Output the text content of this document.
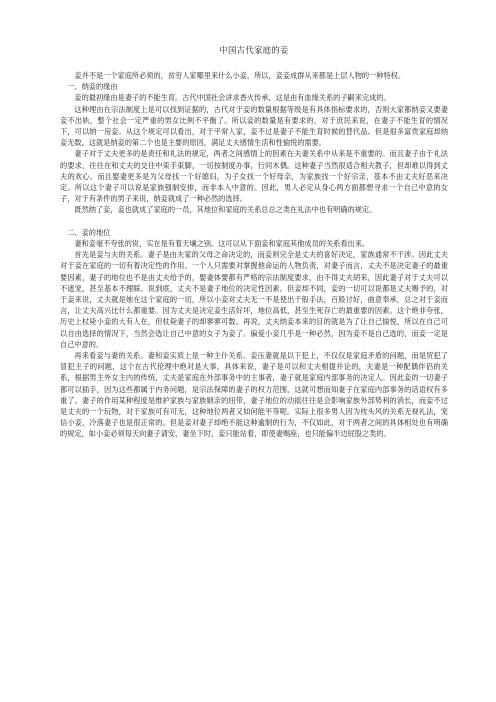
中国古代家庭的妾

妾并不是一个家庭所必须的，贫穷人家哪里来什么小妾，所以，妾妾成群从来都是上层人物的一种特权。

一、纳妾的缘由

妾的最初缘由是妻子的不能生育。古代中国社会讲求香火传承，这是由有血缘关系的子嗣来完成的。

这种理由在宗法制度上是可以找到证据的，古代对于妾的数量根据等级是有具体指标要求的，否则大家都纳妾又要妻妾不出轨，整个社会一定严重的男女比例不平衡了。所以妾的数量是有要求的，对于庶民来说，在妻子不能生育的情况下，可以纳一房妾。从这个规定可以看出，对于平常人家，妾不过是妻子不能生育时候的替代品。但是很多富贵家庭却纳妾无数，这就是纳妾的第二个也是主要的原因，满足丈夫感情生活和性愉悦的需要。

妻子对于丈夫更多的是责任和礼法的规定，两者之间感情上的因素在夫妻关系中从来是不重要的。而且妻子由于礼法的要求，往往在和丈夫的交往中束手束脚，一切按制度办事，行同木偶。这种妻子当然很适合相夫教子，但却难以得到丈夫的欢心。而且娶妻更多是为父母找一个好媳妇，为子女找一个好母亲，为家族找一个好宗亲，基本不由丈夫好恶来决定。所以这个妻子可以说是家族强制安排，而非本人中意的。因此，男人必定从身心两方面都想寻求一个自己中意的女子，对于有条件的男子来说，纳妾就成了一种必然的选择。

既然纳了妾，妾也就成了家庭的一员，其地位和家庭的关系总总之类在礼法中也有明确的规定。

二、妾的地位

妻和妾毫不夸张的说，实在是有着天壤之别。这可以从下面妾和家庭其他成员的关系看出来。

首先是妾与夫的关系。妻子是由夫家的父母之命决定的，而妾则完全是丈夫的喜好决定，家族通常不干涉。因此丈夫对于妾在家庭的一切有着决定性的作用。一个人只需要对掌握他命运的人物负责，对妻子而言，丈夫不是决定妻子的最重要因素，妻子的地位也不是由丈夫给予的，娶妻体要都有严格的宗法制度要求，由不得丈夫胡来，因此妻子对于丈夫可以不遮宠，甚至基本不理睬。说到底，丈夫不是妻子地位的决定性因素。但妾却不同，妾的一切可以说都是丈夫赐予的，对于妾来说，丈夫就是她在这个家庭的一切，所以小妾对丈夫无一不是使出千般手法，百般讨好，曲意奉承，总之对于妾而言，让丈夫高兴比什么都重要。因为丈夫是决定妾生活好坏，地位高低，甚至生死存亡的最重要的因素。这个绝非夸张，历史上杖毙小妾的大有人在，但杖毙妻子的却寥寥可数。再说，丈夫纳妾本来的目的就是为了让自己愉悦，所以在自己可以自由选择的情况下，当然会选让自己中意的女子为妾了。偏爱小妾几乎是一种必然，因为妾不是自己选的，而妾一定是自己中意的。

再来看妾与妻的关系。妻和妾实质上是一种主仆关系。妾压妻就是以下犯上，不仅仅是家庭矛盾的问题，而是贸犯了冒犯主子的问题，这个在古代伦理中绝对是大事。具体来说，妻子是可以和丈夫相提并论的，夫妻是一种配偶伴侣的关系，根据男主外女主内的传统，丈夫是家庭在外部事务中的主事者，妻子就是家庭内部事务的决定人。因此妾的一切妻子都可以插手，因为这些都属于内务问题，是宗法保障的妻子的权力范围，这就可想而知妻子在家庭内部事务的话语权有多重了。妻子的作用某种程度是维护家族与家族姻亲的纽带，妻子地位的动摇往往是会影响家族外部势利的消长，而妾不过是丈夫的一个玩物，对于家族可有可无，这种地位两者又如何能平等呢。实际上很多男人因为枕头风的关系无视礼法，宠信小妾，冷落妻子也是很正常的。但是妾对妻子却绝不能这种逾制的行为，不仅如此，对于两者之间的具体相处也有明确的规定，如小妾必须每天向妻子请安，妻坐下时，妾只能站着，即使妻赐座，也只能偏半边屁股之类的。
